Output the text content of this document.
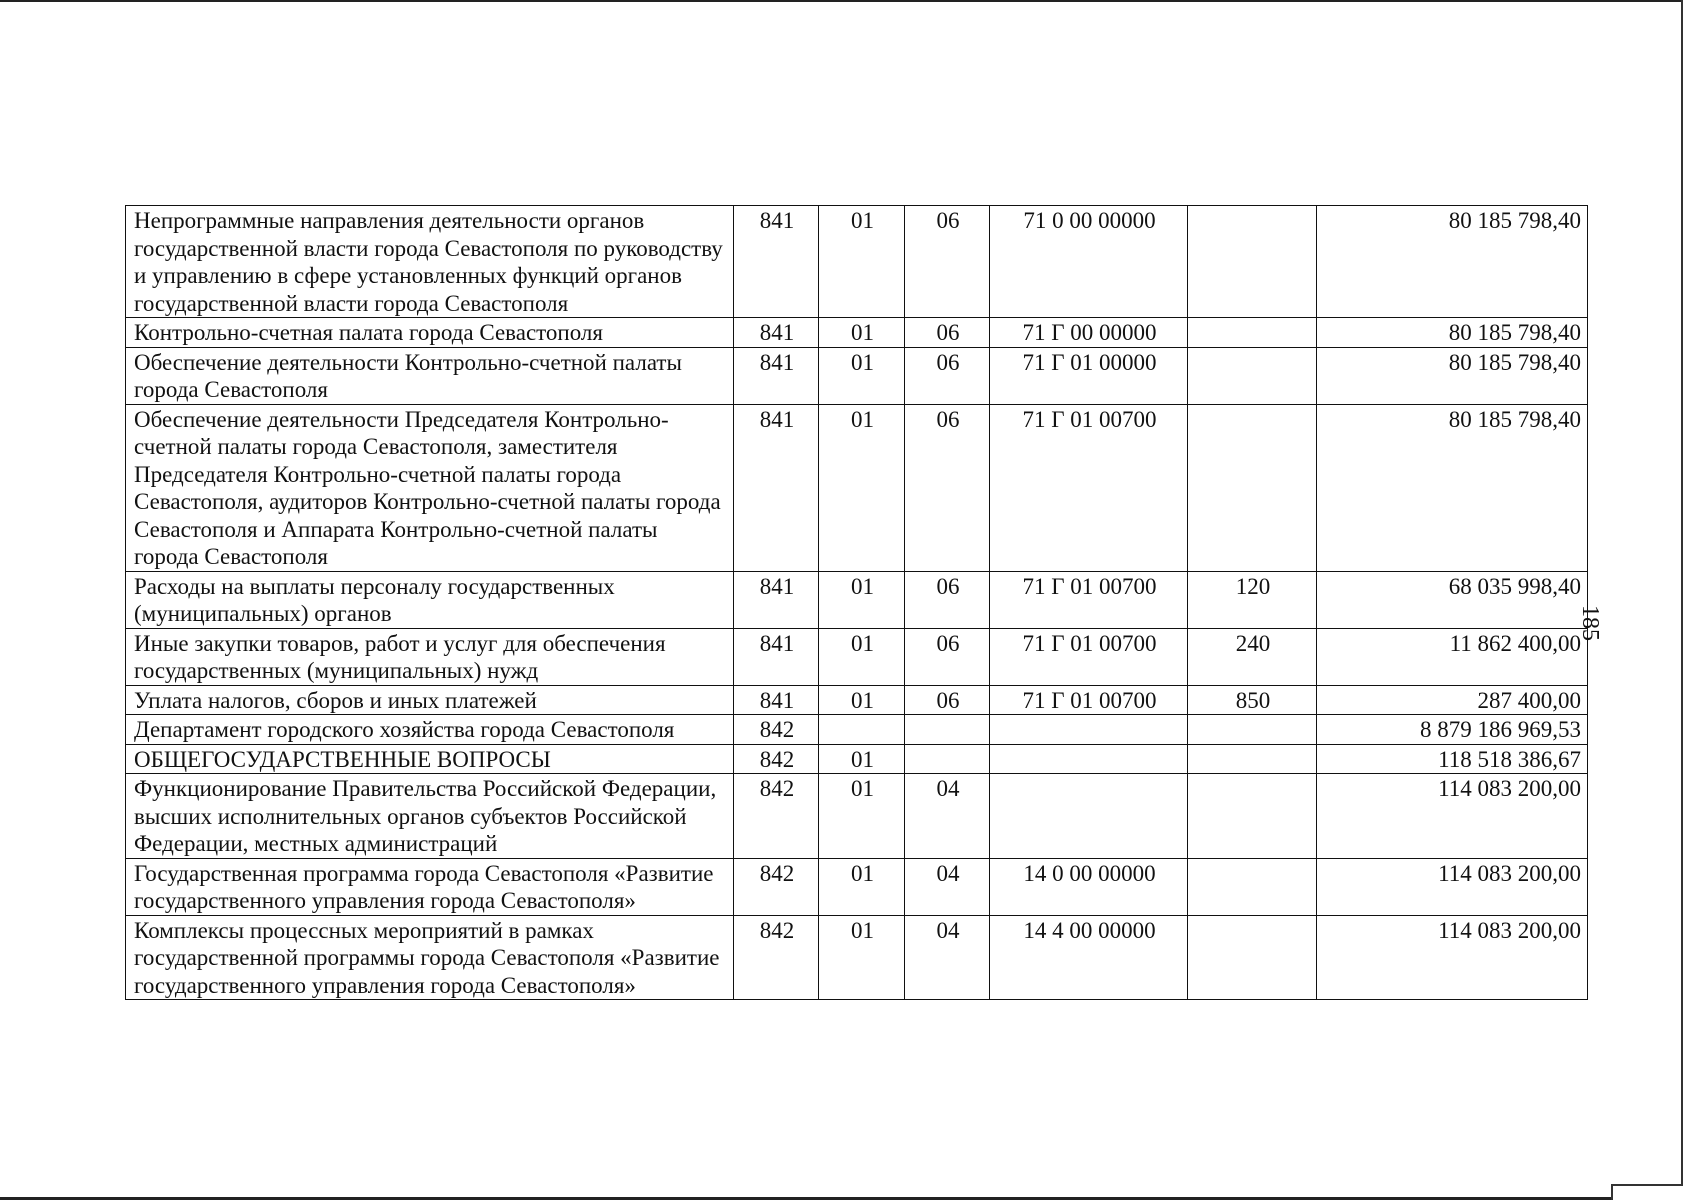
185
Непрограммные направления деятельности органов государственной власти города Севастополя по руководству и управлению в сфере установленных функций органов государственной власти города Севастополя	841	01	06	71 0 00 00000		80 185 798,40
Контрольно-счетная палата города Севастополя	841	01	06	71 Г 00 00000		80 185 798,40
Обеспечение деятельности Контрольно-счетной палаты города Севастополя	841	01	06	71 Г 01 00000		80 185 798,40
Обеспечение деятельности Председателя Контрольно-счетной палаты города Севастополя, заместителя Председателя Контрольно-счетной палаты города Севастополя, аудиторов Контрольно-счетной палаты города Севастополя и Аппарата Контрольно-счетной палаты города Севастополя	841	01	06	71 Г 01 00700		80 185 798,40
Расходы на выплаты персоналу государственных (муниципальных) органов	841	01	06	71 Г 01 00700	120	68 035 998,40
Иные закупки товаров, работ и услуг для обеспечения государственных (муниципальных) нужд	841	01	06	71 Г 01 00700	240	11 862 400,00
Уплата налогов, сборов и иных платежей	841	01	06	71 Г 01 00700	850	287 400,00
Департамент городского хозяйства города Севастополя	842					8 879 186 969,53
ОБЩЕГОСУДАРСТВЕННЫЕ ВОПРОСЫ	842	01				118 518 386,67
Функционирование Правительства Российской Федерации, высших исполнительных органов субъектов Российской Федерации, местных администраций	842	01	04			114 083 200,00
Государственная программа города Севастополя «Развитие государственного управления города Севастополя»	842	01	04	14 0 00 00000		114 083 200,00
Комплексы процессных мероприятий в рамках государственной программы города Севастополя «Развитие государственного управления города Севастополя»	842	01	04	14 4 00 00000		114 083 200,00
